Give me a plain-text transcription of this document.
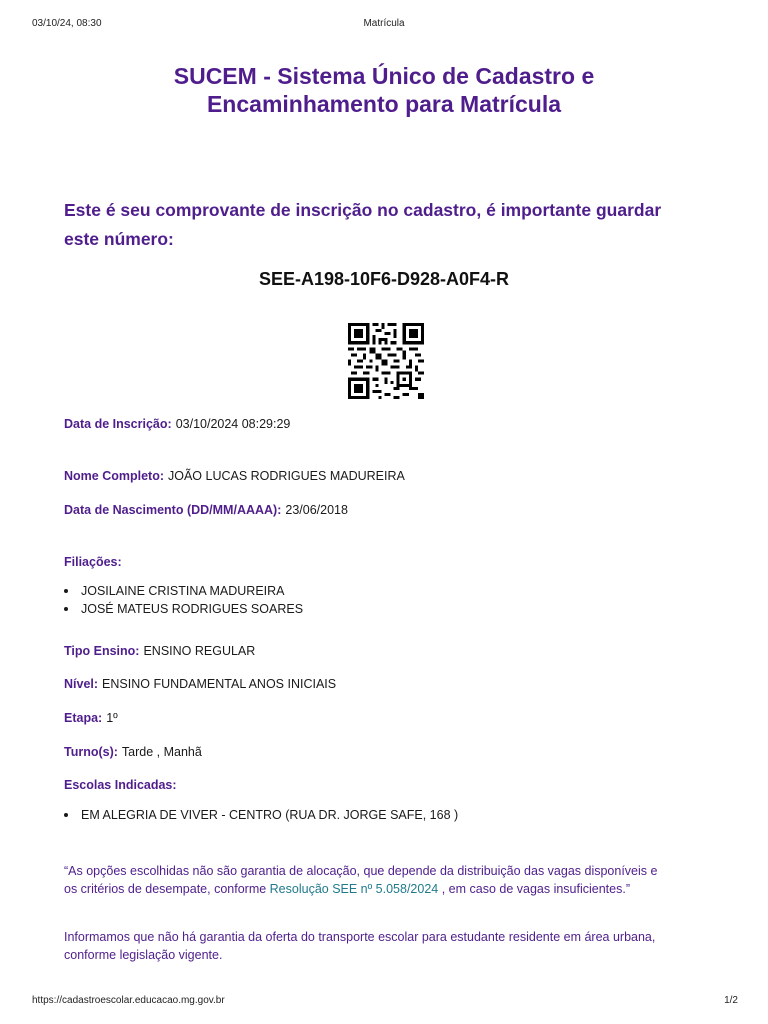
03/10/24, 08:30	Matrícula
SUCEM - Sistema Único de Cadastro e
Encaminhamento para Matrícula
Este é seu comprovante de inscrição no cadastro, é importante guardar
este número:
SEE-A198-10F6-D928-A0F4-R
Data de Inscrição: 03/10/2024 08:29:29
Nome Completo: JOÃO LUCAS RODRIGUES MADUREIRA
Data de Nascimento (DD/MM/AAAA): 23/06/2018
Filiações:
JOSILAINE CRISTINA MADUREIRA
JOSÉ MATEUS RODRIGUES SOARES
Tipo Ensino: ENSINO REGULAR
Nível: ENSINO FUNDAMENTAL ANOS INICIAIS
Etapa: 1º
Turno(s): Tarde , Manhã
Escolas Indicadas:
EM ALEGRIA DE VIVER - CENTRO (RUA DR. JORGE SAFE, 168 )
“As opções escolhidas não são garantia de alocação, que depende da distribuição das vagas disponíveis e
os critérios de desempate, conforme Resolução SEE nº 5.058/2024 , em caso de vagas insuficientes.”
Informamos que não há garantia da oferta do transporte escolar para estudante residente em área urbana,
conforme legislação vigente.
https://cadastroescolar.educacao.mg.gov.br	1/2
